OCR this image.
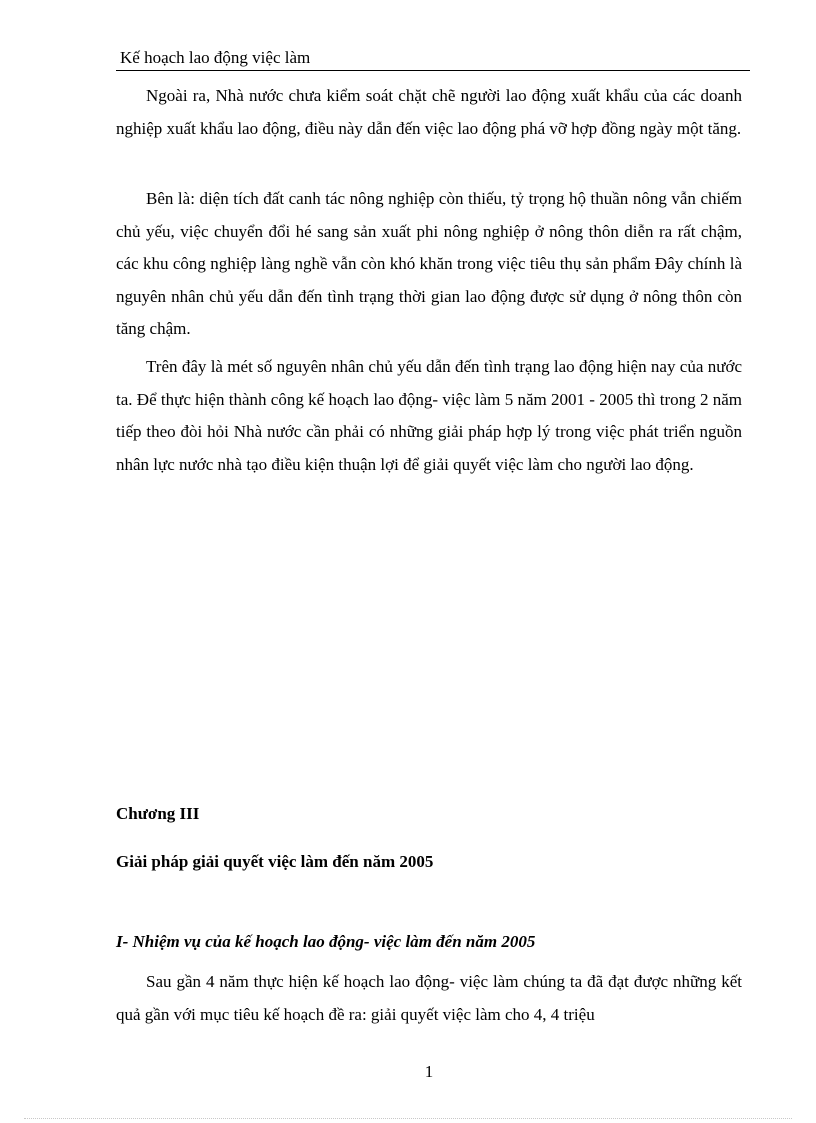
Kế hoạch lao động việc làm

Ngoài ra, Nhà nước chưa kiểm soát chặt chẽ người lao động xuất khẩu của các doanh nghiệp xuất khẩu lao động, điều này dẫn đến việc lao động phá vỡ hợp đồng ngày một tăng.

Bên là: diện tích đất canh tác nông nghiệp còn thiếu, tỷ trọng hộ thuần nông vẫn chiếm chủ yếu, việc chuyển đổi hé sang sản xuất phi nông nghiệp ở nông thôn diễn ra rất chậm, các khu công nghiệp làng nghề vẫn còn khó khăn trong việc tiêu thụ sản phẩm Đây chính là nguyên nhân chủ yếu dẫn đến tình trạng thời gian lao động được sử dụng ở nông thôn còn tăng chậm.

Trên đây là mét số nguyên nhân chủ yếu dẫn đến tình trạng lao động hiện nay của nước ta. Để thực hiện thành công kế hoạch lao động- việc làm 5 năm 2001 - 2005 thì trong 2 năm tiếp theo đòi hỏi Nhà nước cần phải có những giải pháp hợp lý trong việc phát triển nguồn nhân lực nước nhà tạo điều kiện thuận lợi để giải quyết việc làm cho người lao động.

Chương III
Giải pháp giải quyết việc làm đến năm 2005
I- Nhiệm vụ của kế hoạch lao động- việc làm đến năm 2005

Sau gần 4 năm thực hiện kế hoạch lao động- việc làm chúng ta đã đạt được những kết quả gần với mục tiêu kế hoạch đề ra: giải quyết việc làm cho 4, 4 triệu

1
